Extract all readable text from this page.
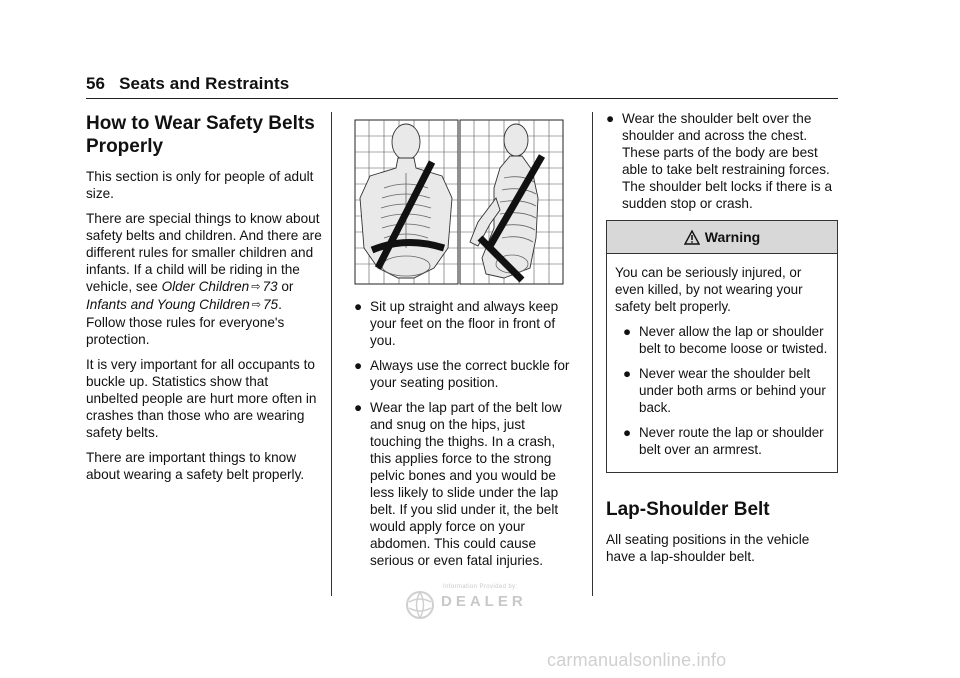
56 Seats and Restraints
How to Wear Safety Belts Properly

This section is only for people of adult size.

There are special things to know about safety belts and children. And there are different rules for smaller children and infants. If a child will be riding in the vehicle, see Older Children ⇨ 73 or Infants and Young Children ⇨ 75. Follow those rules for everyone's protection.

It is very important for all occupants to buckle up. Statistics show that unbelted people are hurt more often in crashes than those who are wearing safety belts.

There are important things to know about wearing a safety belt properly.

● Sit up straight and always keep your feet on the floor in front of you.
● Always use the correct buckle for your seating position.
● Wear the lap part of the belt low and snug on the hips, just touching the thighs. In a crash, this applies force to the strong pelvic bones and you would be less likely to slide under the lap belt. If you slid under it, the belt would apply force on your abdomen. This could cause serious or even fatal injuries.
● Wear the shoulder belt over the shoulder and across the chest. These parts of the body are best able to take belt restraining forces. The shoulder belt locks if there is a sudden stop or crash.
Warning

You can be seriously injured, or even killed, by not wearing your safety belt properly.

● Never allow the lap or shoulder belt to become loose or twisted.
● Never wear the shoulder belt under both arms or behind your back.
● Never route the lap or shoulder belt over an armrest.
Lap-Shoulder Belt

All seating positions in the vehicle have a lap-shoulder belt.

Information Provided by:
DEALER
carmanualsonline.info
